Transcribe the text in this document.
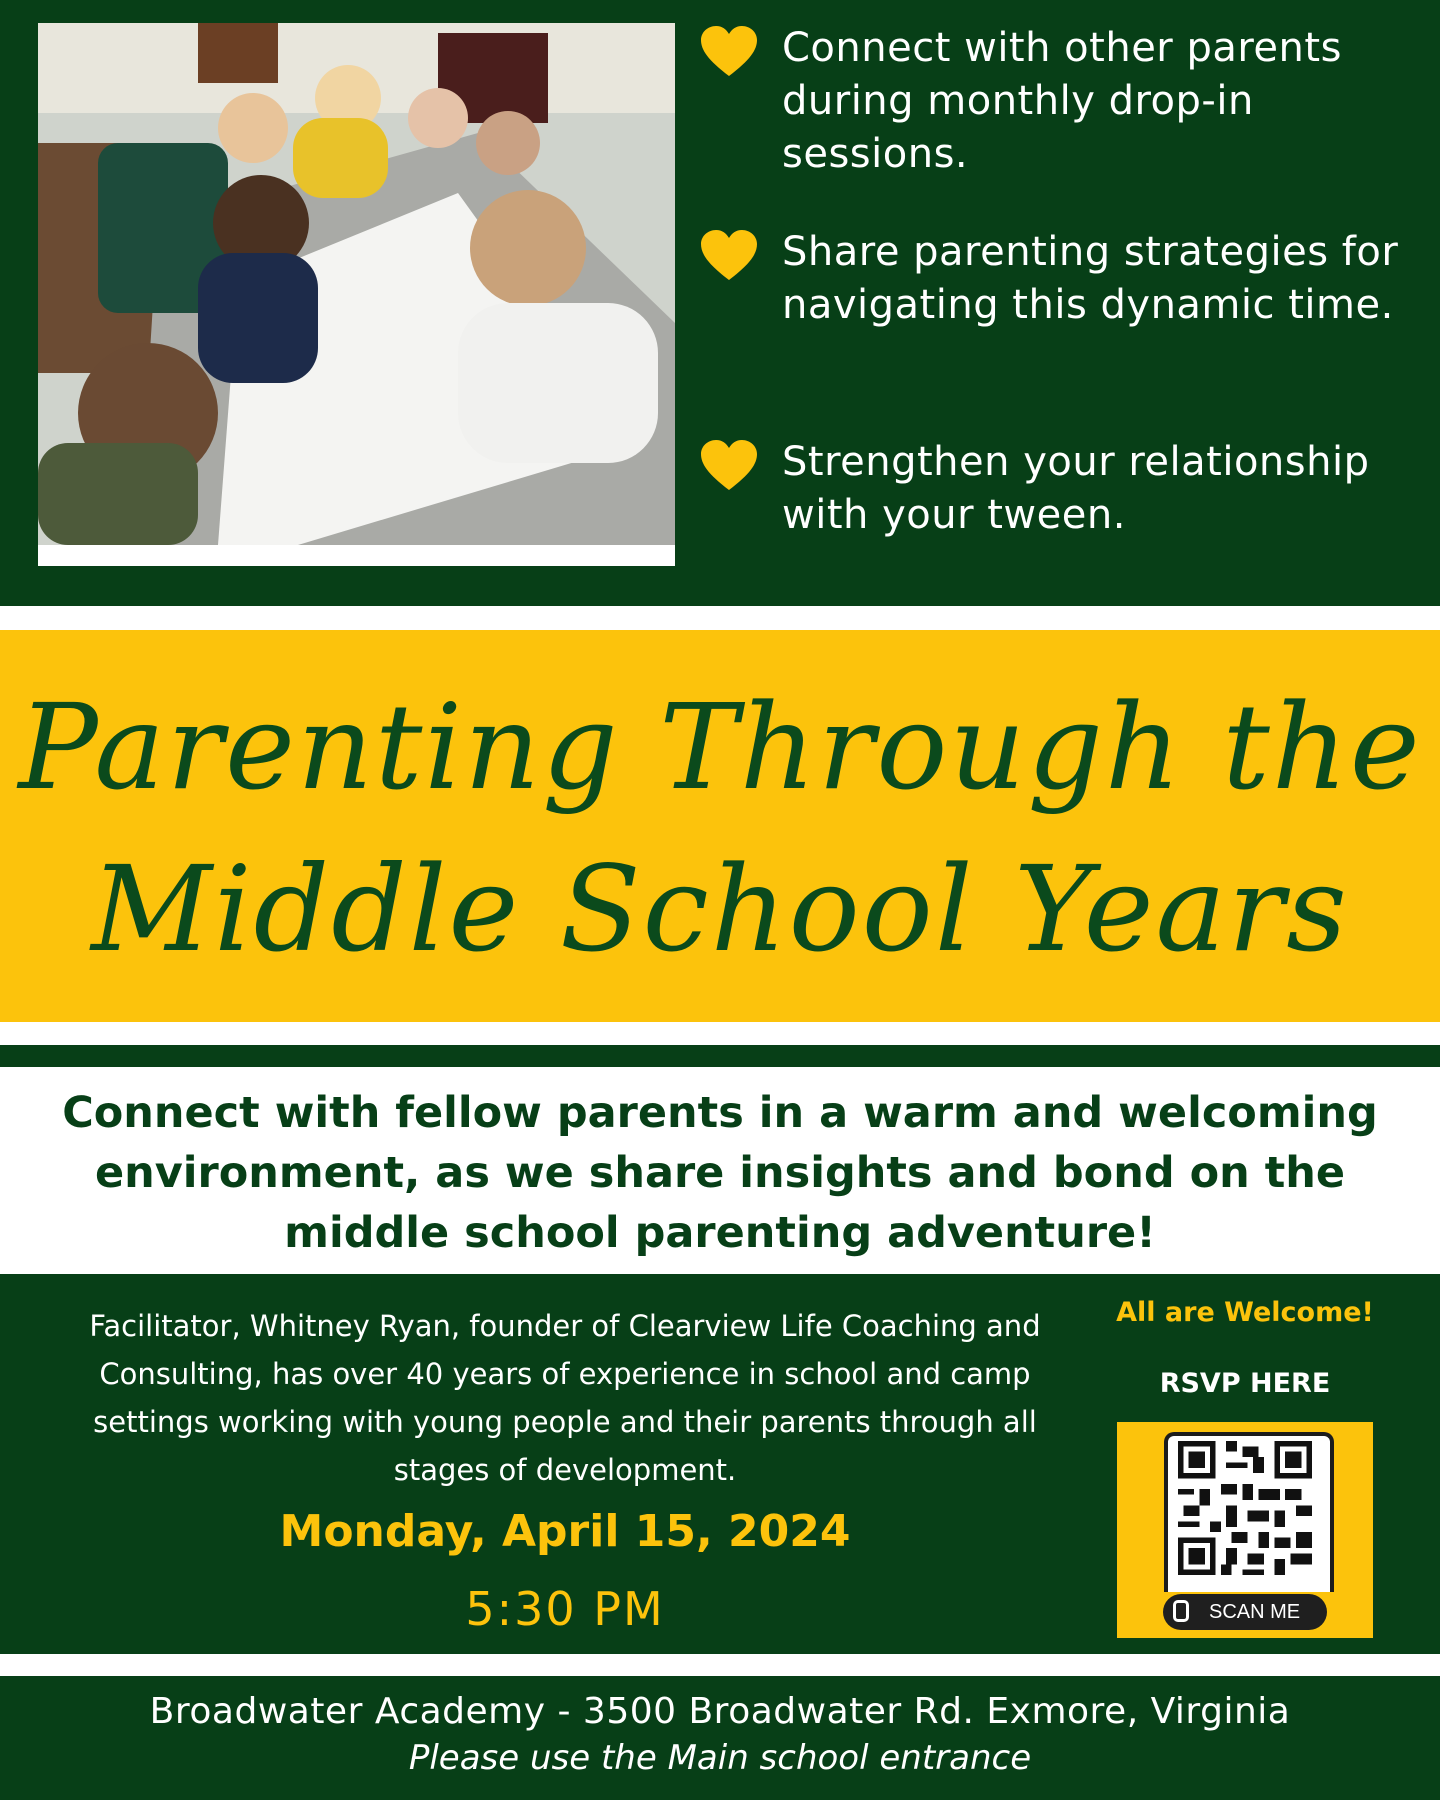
Connect with other parents during monthly drop-in sessions.
Share parenting strategies for navigating this dynamic time.
Strengthen your relationship with your tween.
Parenting Through the
Middle School Years
Connect with fellow parents in a warm and welcoming environment, as we share insights and bond on the middle school parenting adventure!
Facilitator, Whitney Ryan, founder of Clearview Life Coaching and Consulting, has over 40 years of experience in school and camp settings working with young people and their parents through all stages of development.
Monday, April 15, 2024
5:30 PM
All are Welcome!
RSVP HERE
SCAN ME
Broadwater Academy - 3500 Broadwater Rd. Exmore, Virginia
Please use the Main school entrance
